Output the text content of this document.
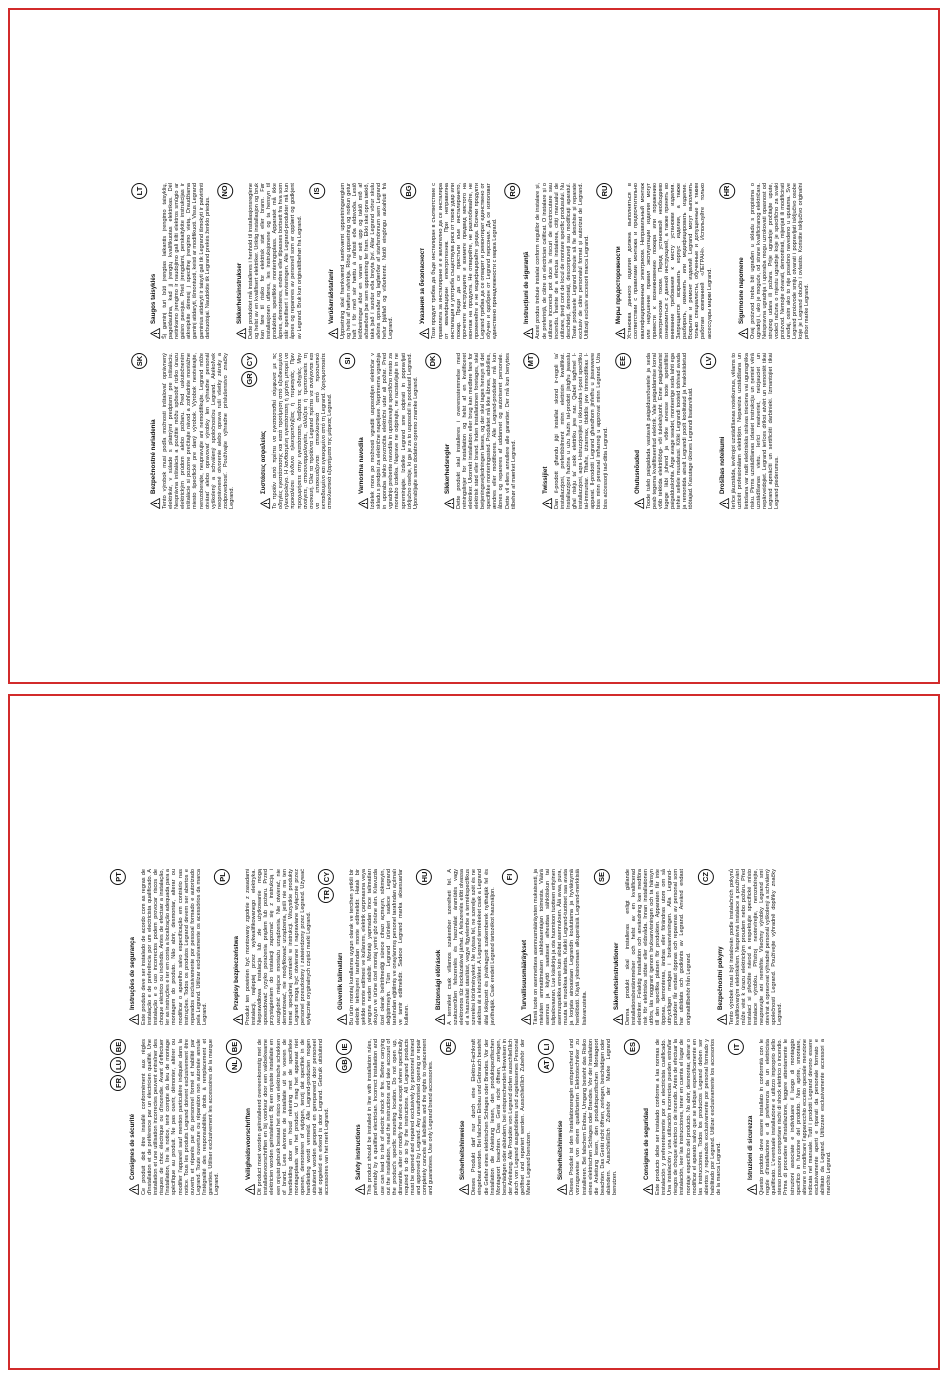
SK
Bezpečnostné nariadenia Tento výrobok musí podľa možnosti inštalovať oprávnený elektrikár, v súlade s platnými predpismi pre inštaláciu. Nesprávna inštalácia a použitie môžu spôsobiť riziko úrazu elektrickým prúdom alebo požiaru. Pred uskutočnením inštalácie si pozorne prečítajte návod a zohľadnite montážne miesto špecifické pre daný výrobok. Výrobok neotvárajte, nerozoberajte, neupravujte ani nemodifikujte. Legrand môže otvárať alebo opravovať výrobky len výhradne personál vyškolený a schválený spoločnosťou Legrand. Akékoľvek neoprávnené otvorenie alebo oprava ruší všetky záruky a zodpovednosť. Používajte výhradne príslušenstvo značky Legrand.
GR
CY
Συστάσεις ασφαλείας Το προϊόν αυτό πρέπει να εγκατασταθεί σύμφωνα με τις οδηγίες εγκατάστασης και κατά προτίμηση από εξειδικευμένο ηλεκτρολόγο. Η λανθασμένη εγκατάσταση ή χρήση μπορεί να προκαλέσει κίνδυνο ηλεκτροπληξίας ή πυρκαγιάς. Πριν προχωρήσετε στην εγκατάσταση, διαβάστε τις οδηγίες. Μην ανοίγετε, αποσυναρμολογείτε, αλλάζετε ή τροποποιείτε τη συσκευή. Όλα τα προϊόντα Legrand πρέπει να ανοίγονται και να επισκευάζονται αποκλειστικά από προσωπικό εκπαιδευμένο και εγκεκριμένο από τη Legrand. Χρησιμοποιείτε αποκλειστικά εξαρτήματα της μάρκας Legrand.
SI
Varnostna navodila Izdelek mora po možnosti vgraditi usposobljen električar v skladu s predpisi za električne napeljave. Neprimerna vgradnja in uporaba lahko povzročita električni udar ali požar. Pred vgradnjo preberite navodila in upoštevajte specifično mesto za montažo izdelka. Naprave ne odpirajte, ne razstavljajte in ne spreminjajte. Izdelke Legrand sme odpirati in popravljati izključno osebje, ki ga je za to usposobil in pooblastil Legrand. Uporabljajte samo dodatno opremo znamke Legrand.
DK
Sikkerhedsregler Dette produkt skal installeres i overensstemmelse med retningslinjer for installation og helst af en kvalificeret elektriker. Ukorrekt installation eller brug kan medføre fare for elektrisk stød eller brand. Inden installationen foretages, skal betjeningsvejledningen læses, og der skal tages hensyn til det specifikke monteringssted. Produktet må ikke åbnes, adskilles, ændres eller modificeres. Alle Legrand-produkter må kun åbnes og repareres af uddannet og autoriseret personale. Dette vil ellers annullere alle garantier. Der må kun benyttes tilbehør af mærket Legrand.
MT
Twissijiet Dan il-prodott għandu jiġi installat skond ir-regoli ta' installazzjoni, preferibbilment minn elettrixin kwalifikat. Installazzjoni ħażina u użu ħażin tal-prodott jistgħu jwasslu għal riskju ta' xokk elettriku jew nar. Qabel tagħmel l-installazzjoni, aqra l-istruzzjonijiet u ikkunsidra l-post speċifiku tal-immuntar. Tiftaħx, iżżarmax, tbiddilx jew timmodifikax l-apparat. Il-prodotti Legrand għandhom jinfetħu u jissewwew biss minn persunal imħarreġ u approvat minn Legrand. Uża biss aċċessorji tad-ditta Legrand.
EE
Ohutusnõuded Toode tuleb paigaldada vastavalt paigaldusnõuetele ja seda peab tegema kvalifitseeritud elektrik. Vale paigaldamise korral võib tekkida elektrilöögi- või tulekahjuoht. Enne paigaldamist lugege läbi juhend ja võtke arvesse toote spetsiifilist paigalduskohta. Ärge avage seadet, monteerige seda lahti ega tehke sellele muudatusi. Kõiki Legrandi tooteid tohivad avada ja remontida ainult Legrandi poolt koolitatud ja heakskiidetud töötajad. Kasutage üksnes Legrandi lisatarvikuid.
LV
Drošības noteikumi Ierīce jāuzstāda, ievērojot uzstādīšanas noteikumus, vēlams to uzticēt profesionālam elektriķim. Nepareiza uzstādīšana un lietošana var radīt elektriskās strāvas trieciena vai ugunsgrēka risku. Pirms uzstādīšanas izlasiet instrukciju un ņemiet vērā uzstādīšanas vietu. Ierīci neatveriet, neizjauciet un nepārveidojiet. Legrand ierīces drīkst atvērt un remontēt tikai Legrand apmācīti un sertificēti darbinieki. Izmantojiet tikai Legrand piederumus.
LT
Saugos taisyklės Šį gaminį turi būti įrengtas laikantis įrengimo taisyklių, pageidautina, kad jį įrengtų kvalifikuotas elektrikas. Dėl netinkamo įrengimo ir naudojimo gali kilti elektros smūgio ar gaisro pavojus. Prieš įrengdami, perskaitykite instrukcijas ir atkreipkite dėmesį į specifinę įrengimo vietą. Draudžiama gaminį atidaryti, išmontuoti, keisti ar modifikuoti. Visus Legrand gaminius atidaryti ir taisyti gali tik Legrand išmokyti ir patvirtinti darbuotojai. Naudokite tik Legrand prekės ženklo priedus.
NO
Sikkerhetsinstrukser Dette produktet må installeres i henhold til installasjonsreglene og helst av en kvalifisert elektriker. Uriktig installasjon og bruk kan føre til risiko for elektrisk støt eller brann. Før installasjonen utføres, les instruksjonene og ta hensyn til produktets spesifikke monteringsplass. Apparatet må ikke åpnes, demonteres, endres eller tilpasses bortsett fra hva som står spesifisert i anvisningen. Alle Legrand-produkter må kun åpnes og repareres av personell som er opplært og godkjent av Legrand. Bruk kun originaltilbehør fra Legrand.
IS
Varúðarráðstafanir Uppsetning skal framkvæmd samkvæmt uppsetningareglum og helst af hæfum rafvirkja. Röng uppsetning og notkun getur haft í för með sér hættu á raflosti eða eldsvoða. Lesið leiðbeiningar áður en vanan er sett upp og takið mið af aðstæðum þar sem uppsetning fer fram. Ekki skal opna tækið, taka það í sundur eða breyta því. Allar Legrand vörur skulu aðeins opnaðar og lagfærðar af starfsmönnum sem Legrand hefur þjálfað og viðurkennt. Notið eingöngu aukahluti frá Legrand.
BG
Указания за безопасност Този продукт трябва да бъде инсталиран в съответствие с правилата за инсталиране и е желателно да се инсталира от квалифициран електротехник. При неправилна инсталация и употреба съществува риск от токов удар или пожар. Преди да се пристъпи към инсталирането, прочетете инструкциите и вземете предвид мястото на монтаж на продукта. Не отваряйте, не разглобявайте, не променяйте и не модифицирайте уреда. Всички продукти Legrand трябва да се отварят и ремонтират единствено от обучен и одобрен от Legrand персонал. Да се използват единствено принадлежности с марка Legrand.
RO
Instrucțiuni de siguranță Acest produs trebuie instalat conform regulilor de instalare și, de preferință, de către un electrician calificat. O instalare și o utilizare incorecte pot duce la riscuri de electrocutare sau incendiu. Înainte de a efectua instalarea, citiți manualul de utilizare, țineți cont de locul de montare specific produsului. Nu deschideți, demontați, descompuneți sau modificați aparatul. Toate produsele Legrand trebuie să fie deschise și reparate exclusiv de către personalul format și autorizat de Legrand. Utilizați exclusiv accesorii marca Legrand.
RU
Меры предосторожности Установка данного изделия должна выполняться в соответствии с правилами монтажа и предпочтительно квалифицированным электриком. Неправильный монтаж или нарушение правил эксплуатации изделия могут привести к возникновению пожара или поражению электрическим током. Перед установкой необходимо ознакомиться с данной инструкцией, а также принять во внимание требования к месту установки изделия. Запрещается вскрывать корпус изделия, а также разбирать, изменять или модифицировать изделие. Вскрытие и ремонт изделий Legrand могут выполнять только специалисты, обученные и допущенные к таким работам компанией «ЛЕГРАН». Используйте только аксессуары марки Legrand.
HR
Sigurnosne napomene Ovaj proizvod treba biti ugrađen u skladu s propisima o ugradnji i, ako je moguće, od strane kvalificiranog električara. Neispravna ugradnja i uporaba mogu uzrokovati opasnost od strujnog udara ili požara. Prije ugradnje pročitajte upute, vodeći računa o mjestu ugradnje koje je specifično za svaki proizvod. Nemojte otvarati, demontirati, mijenjati ili modificirati uređaj, osim ako to nije posebno navedeno u uputama. Sve Legrand proizvode smiju otvarati i popravljati isključivo osobe koje je Legrand obučio i ovlastio. Koristite isključivo originalni pribor marke Legrand.
FR
LU
BE
Consignes de sécurité Ce produit doit être installé conformément aux règles d'installation et de préférence par un électricien qualifié. Une installation et une utilisation incorrectes peuvent entraîner des risques de choc électrique ou d'incendie. Avant d'effectuer l'installation, lire la notice, tenir compte du lieu de montage spécifique au produit. Ne pas ouvrir, démonter, altérer ou modifier l'appareil sauf mention particulière indiquée dans la notice. Tous les produits Legrand doivent exclusivement être ouverts et réparés par du personnel formé et habilité par Legrand. Toute ouverture ou réparation non autorisée annule l'intégralité des responsabilités, droits à remplacement et garanties. Utiliser exclusivement les accessoires de la marque Legrand.
NL
BE
Veiligheidsvoorschriften Dit product moet worden geïnstalleerd overeenkomstig met de installatievoorschriften en bij voorkeur door een vakbekwame elektricien worden geïnstalleerd. Bij een onjuiste installatie en een onjuist gebruik bestaat het risico van elektrische schokken of brand. Lees alvorens de installatie uit te voeren de handleiding door en houd rekening met de specifieke montageplaats van het product. U mag het apparaat niet openen, demonteren of wijzigen, tenzij dat specifiek in de handleiding wordt vermeld. Alle Legrand-producten mogen uitsluitend worden geopend en gerepareerd door personeel dat opgeleid en erkend is door Legrand. Gebruik uitsluitend accessoires van het merk Legrand.
GB
IE
Safety instructions This product should be installed in line with installation rules, preferably by a qualified electrician. Incorrect installation and use can lead to risk of electric shock or fire. Before carrying out the installation, read the instructions and take account of the product's specific mounting location. Do not open up, dismantle, alter or modify the device except where specifically required to do so by the instructions. All Legrand products must be opened and repaired exclusively by personnel trained and approved by Legrand. Any unauthorised opening or repair completely cancels all liabilities and the rights to replacement and guarantees. Use only Legrand brand accessories.
DE
Sicherheitshinweise Dieses Produkt darf nur durch eine Elektro-Fachkraft eingebaut werden. Bei falschem Einbau und Gebrauch besteht die Gefahr eines elektrischen Schlages oder Brandes. Vor der Installation die Anleitung lesen, den produktspezifischen Montageort beachten. Das Gerät nicht öffnen, zerlegen, beschädigen oder abändern, bei entsprechenden Hinweisen in der Anleitung. Alle Produkte von Legrand dürfen ausschließlich durch von Legrand ausgebildetes und zugelassenes Personal geöffnet und repariert werden. Ausschließlich Zubehör der Marke Legrand benutzen.
AT
LI
Sicherheitshinweise Dieses Produkt ist den Installationsregeln entsprechend und vorzugsweise von einem qualifizierten Elektrotechniker zu installieren. Bei falschem Einbau, Umgang besteht das Risiko eines elektrischen Schlages oder Brandes. Vor der Installation die Anleitung lesen, den produktspezifischen Montageort beachten. Das Gerät nicht öffnen, zerlegen, beschädigen oder abändern. Ausschließlich Zubehör der Marke Legrand benutzen.
ES
Consignas de seguridad Este producto debe ser instalado conforme a las normas de instalación y preferentemente por un electricista cualificado. Una instalación y una utilización incorrectas pueden entrañar riesgos de choque eléctrico o de incendio. Antes de efectuar la instalación, leer las instrucciones, tener en cuenta el lugar de montaje específico del producto. No abrir, desmontar, alterar o modificar el aparato salvo que se indique específicamente en las instrucciones. Todos los productos Legrand deben ser abiertos y reparados exclusivamente por personal formado y habilitado por Legrand. Utilizar exclusivamente los accesorios de la marca Legrand.
IT
Istruzioni di sicurezza Questo prodotto deve essere installato in conformità con le regole d'installazione e di preferenza da un elettricista qualificato. L'eventuale installazione e utilizzo improprio dello stesso possono comportare rischi di shock elettrico o incendio. Prima di procedere all'installazione, leggere attentamente le istruzioni associate e individuare il luogo di montaggio specifico in funzione del prodotto. Non aprire, smontare, alterare o modificare l'apparecchio eccetto speciale menzione indicata nel manuale. Tutti i prodotti Legrand devono essere esclusivamente aperti e riparati da personale formato e abilitato da Legrand. Utilizzare esclusivamente accessori a marchio Legrand.
PT
Instruções de segurança Este produto deve ser instalado de acordo com as regras de instalação e de preferência por um electricista qualificado. A instalação e o uso incorrectos podem provocar riscos de choque eléctrico ou incêndio. Antes de efectuar a instalação, ler as instruções e ter em conta a localização adequada para a montagem do produto. Não abrir, desmontar, alterar ou modificar o aparelho salvo especificação em contrário nas instruções. Todos os produtos Legrand devem ser abertos e reparados exclusivamente por pessoal formado e autorizado pela Legrand. Utilizar exclusivamente os acessórios da marca Legrand.
PL
Przepisy bezpieczeństwa Produkt ten powinien być montowany zgodnie z zasadami instalacji, najlepiej przez wykwalifikowanego elektryka. Nieprawidłowa instalacja lub złe użytkowanie mogą spowodować ryzyko porażenia prądem lub pożaru. Przed przystąpieniem do instalacji zapoznać się z instrukcją i uwzględnić miejsce montażu urządzenia. Nie otwierać, nie demontować, nie modyfikować urządzenia, jeśli nie ma ten temat specjalnej wzmianki w instrukcji. Wszystkie produkty Legrand mogą być otwierane i naprawiane wyłącznie przez personel przeszkolony i zatwierdzony przez Legrand. Używać wyłącznie oryginalnych części marki Legrand.
TR
CY
Güvenlik talimatları Bu ürün montaj kurallarına uygun olarak ve tercihen yetkili bir elektrik teknisyeni tarafından monte edilmelidir. Hatalı bir şekilde monte edilmesi ve kullanımı, elektrik çarpmasına veya yangına neden olabilir. Montajı yapmadan önce talimatları okuyun ve ürüne özel montaj yerini göz önüne alın. Kılavuzda özel olarak belirtilmediği sürece cihazı açmayın, sökmeyin, değiştirmeyin. Tüm Legrand ürünleri sadece Legrand tarafından eğitilmiş ve onaylanmış personel tarafından açılmalı ve tamir edilmelidir. Sadece Legrand marka aksesuarlar kullanın.
HU
Biztonsági előírások A terméket csak villamos szakember szerelheti fel. A szakszerűtlen felszerelés és használat áramütés vagy elektromos tűz kockázatával járhat. A felszerelés előtt olvassa el a használati utasítást, vegye figyelembe a termékspecifikus szerelési körülményeket. Ne nyissa fel, ne szerelje szét és ne alakítsa át a készüléket. A Legrand termékeket csak a Legrand által kiképzett és jóváhagyott szakemberek nyithatják fel és javíthatják. Csak eredeti Legrand tartozékot használjon.
FI
Turvallisuusmääräykset Tämä tuote on asennettava asennusmääräysten mukaisesti, ja mieluiten ammattimaisen sähköasentajan toimesta. Väärä asennus ja käyttö saattavat aiheuttaa sähköiskun tai tulipalovaaran. Lue käsikirja ja ota huomioon tuotteen erityinen asennuspaikka ennen kuin aloitat asennuksen. Älä avaa, pura, muuta tai muokkaa laitetta. Kaikki Legrand-tuotteet saa avata ja korjata ainoastaan Legrandin kouluttama ja hyväksymä henkilöstö. Käytä yksinomaan alkuperäisiä Legrand-merkkisiä lisävarusteita.
SE
Säkerhetsinstruktioner Denna produkt skal installeras enligt gällande installationsbestämmelser och helst av en kvalificerad elektriker. Felaktig installation och användning kan medföra risk för elektriska stötar eller eldsvåda. Innan installationen utförs, läs noggrant igenom bruksanvisningen och ta hänsyn till den specifika platsen för produkten. Apparaten får inte öppnas, demonteras, ändras eller förändras utom om så uttryckligen medges i bruksanvisningen. Alla Legrand-produkter får endast öppnas och repareras av personal som har utbildats och godkänts av Legrand. Använd endast originaltillbehör från Legrand.
CZ
Bezpečnostní pokyny Tento výrobek musí být instalován podle instalačních pokynů kvalifikovaným elektrikářem. Nesprávná instalace a používání může vést k úrazu elektrickým proudem nebo požáru. Před instalací si přečtěte návod a respektujte specifické místo instalace výrobku. Přístroj neotevírejte, nerozebírejte, neupravujte ani neměňte. Všechny výrobky Legrand smí otevírat a opravovat výhradně personál vyškolený a schválený společností Legrand. Používejte výhradně doplňky značky Legrand.
